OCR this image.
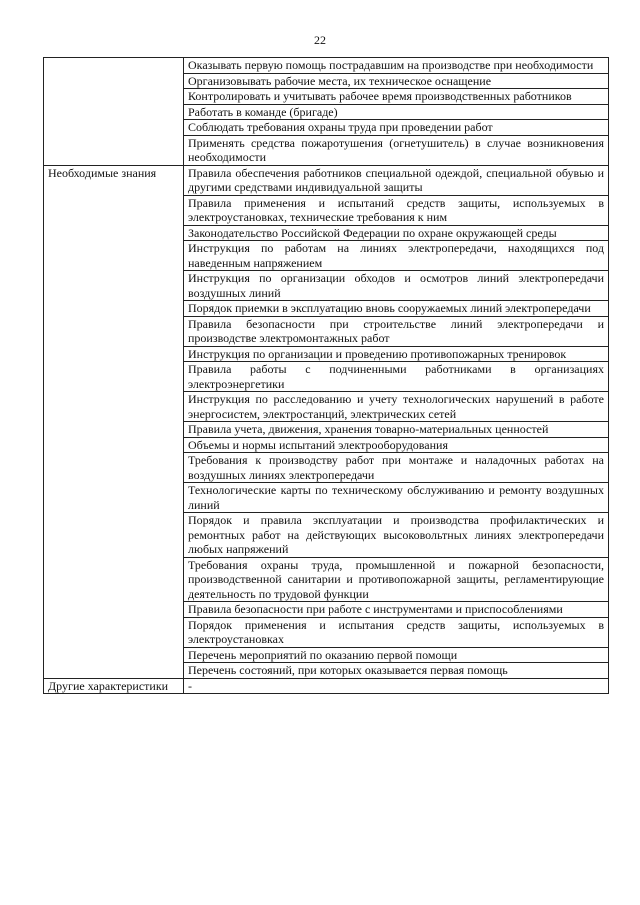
22
	Оказывать первую помощь пострадавшим на производстве при необходимости
	Организовывать рабочие места, их техническое оснащение
	Контролировать и учитывать рабочее время производственных работников
	Работать в команде (бригаде)
	Соблюдать требования охраны труда при проведении работ
	Применять средства пожаротушения (огнетушитель) в случае возникновения необходимости
Необходимые знания	Правила обеспечения работников специальной одеждой, специальной обувью и другими средствами индивидуальной защиты
	Правила применения и испытаний средств защиты, используемых в электроустановках, технические требования к ним
	Законодательство Российской Федерации по охране окружающей среды
	Инструкция по работам на линиях электропередачи, находящихся под наведенным напряжением
	Инструкция по организации обходов и осмотров линий электропередачи воздушных линий
	Порядок приемки в эксплуатацию вновь сооружаемых линий электропередачи
	Правила безопасности при строительстве линий электропередачи и производстве электромонтажных работ
	Инструкция по организации и проведению противопожарных тренировок
	Правила работы с подчиненными работниками в организациях электроэнергетики
	Инструкция по расследованию и учету технологических нарушений в работе энергосистем, электростанций, электрических сетей
	Правила учета, движения, хранения товарно-материальных ценностей
	Объемы и нормы испытаний электрооборудования
	Требования к производству работ при монтаже и наладочных работах на воздушных линиях электропередачи
	Технологические карты по техническому обслуживанию и ремонту воздушных линий
	Порядок и правила эксплуатации и производства профилактических и ремонтных работ на действующих высоковольтных линиях электропередачи любых напряжений
	Требования охраны труда, промышленной и пожарной безопасности, производственной санитарии и противопожарной защиты, регламентирующие деятельность по трудовой функции
	Правила безопасности при работе с инструментами и приспособлениями
	Порядок применения и испытания средств защиты, используемых в электроустановках
	Перечень мероприятий по оказанию первой помощи
	Перечень состояний, при которых оказывается первая помощь
Другие характеристики	-
